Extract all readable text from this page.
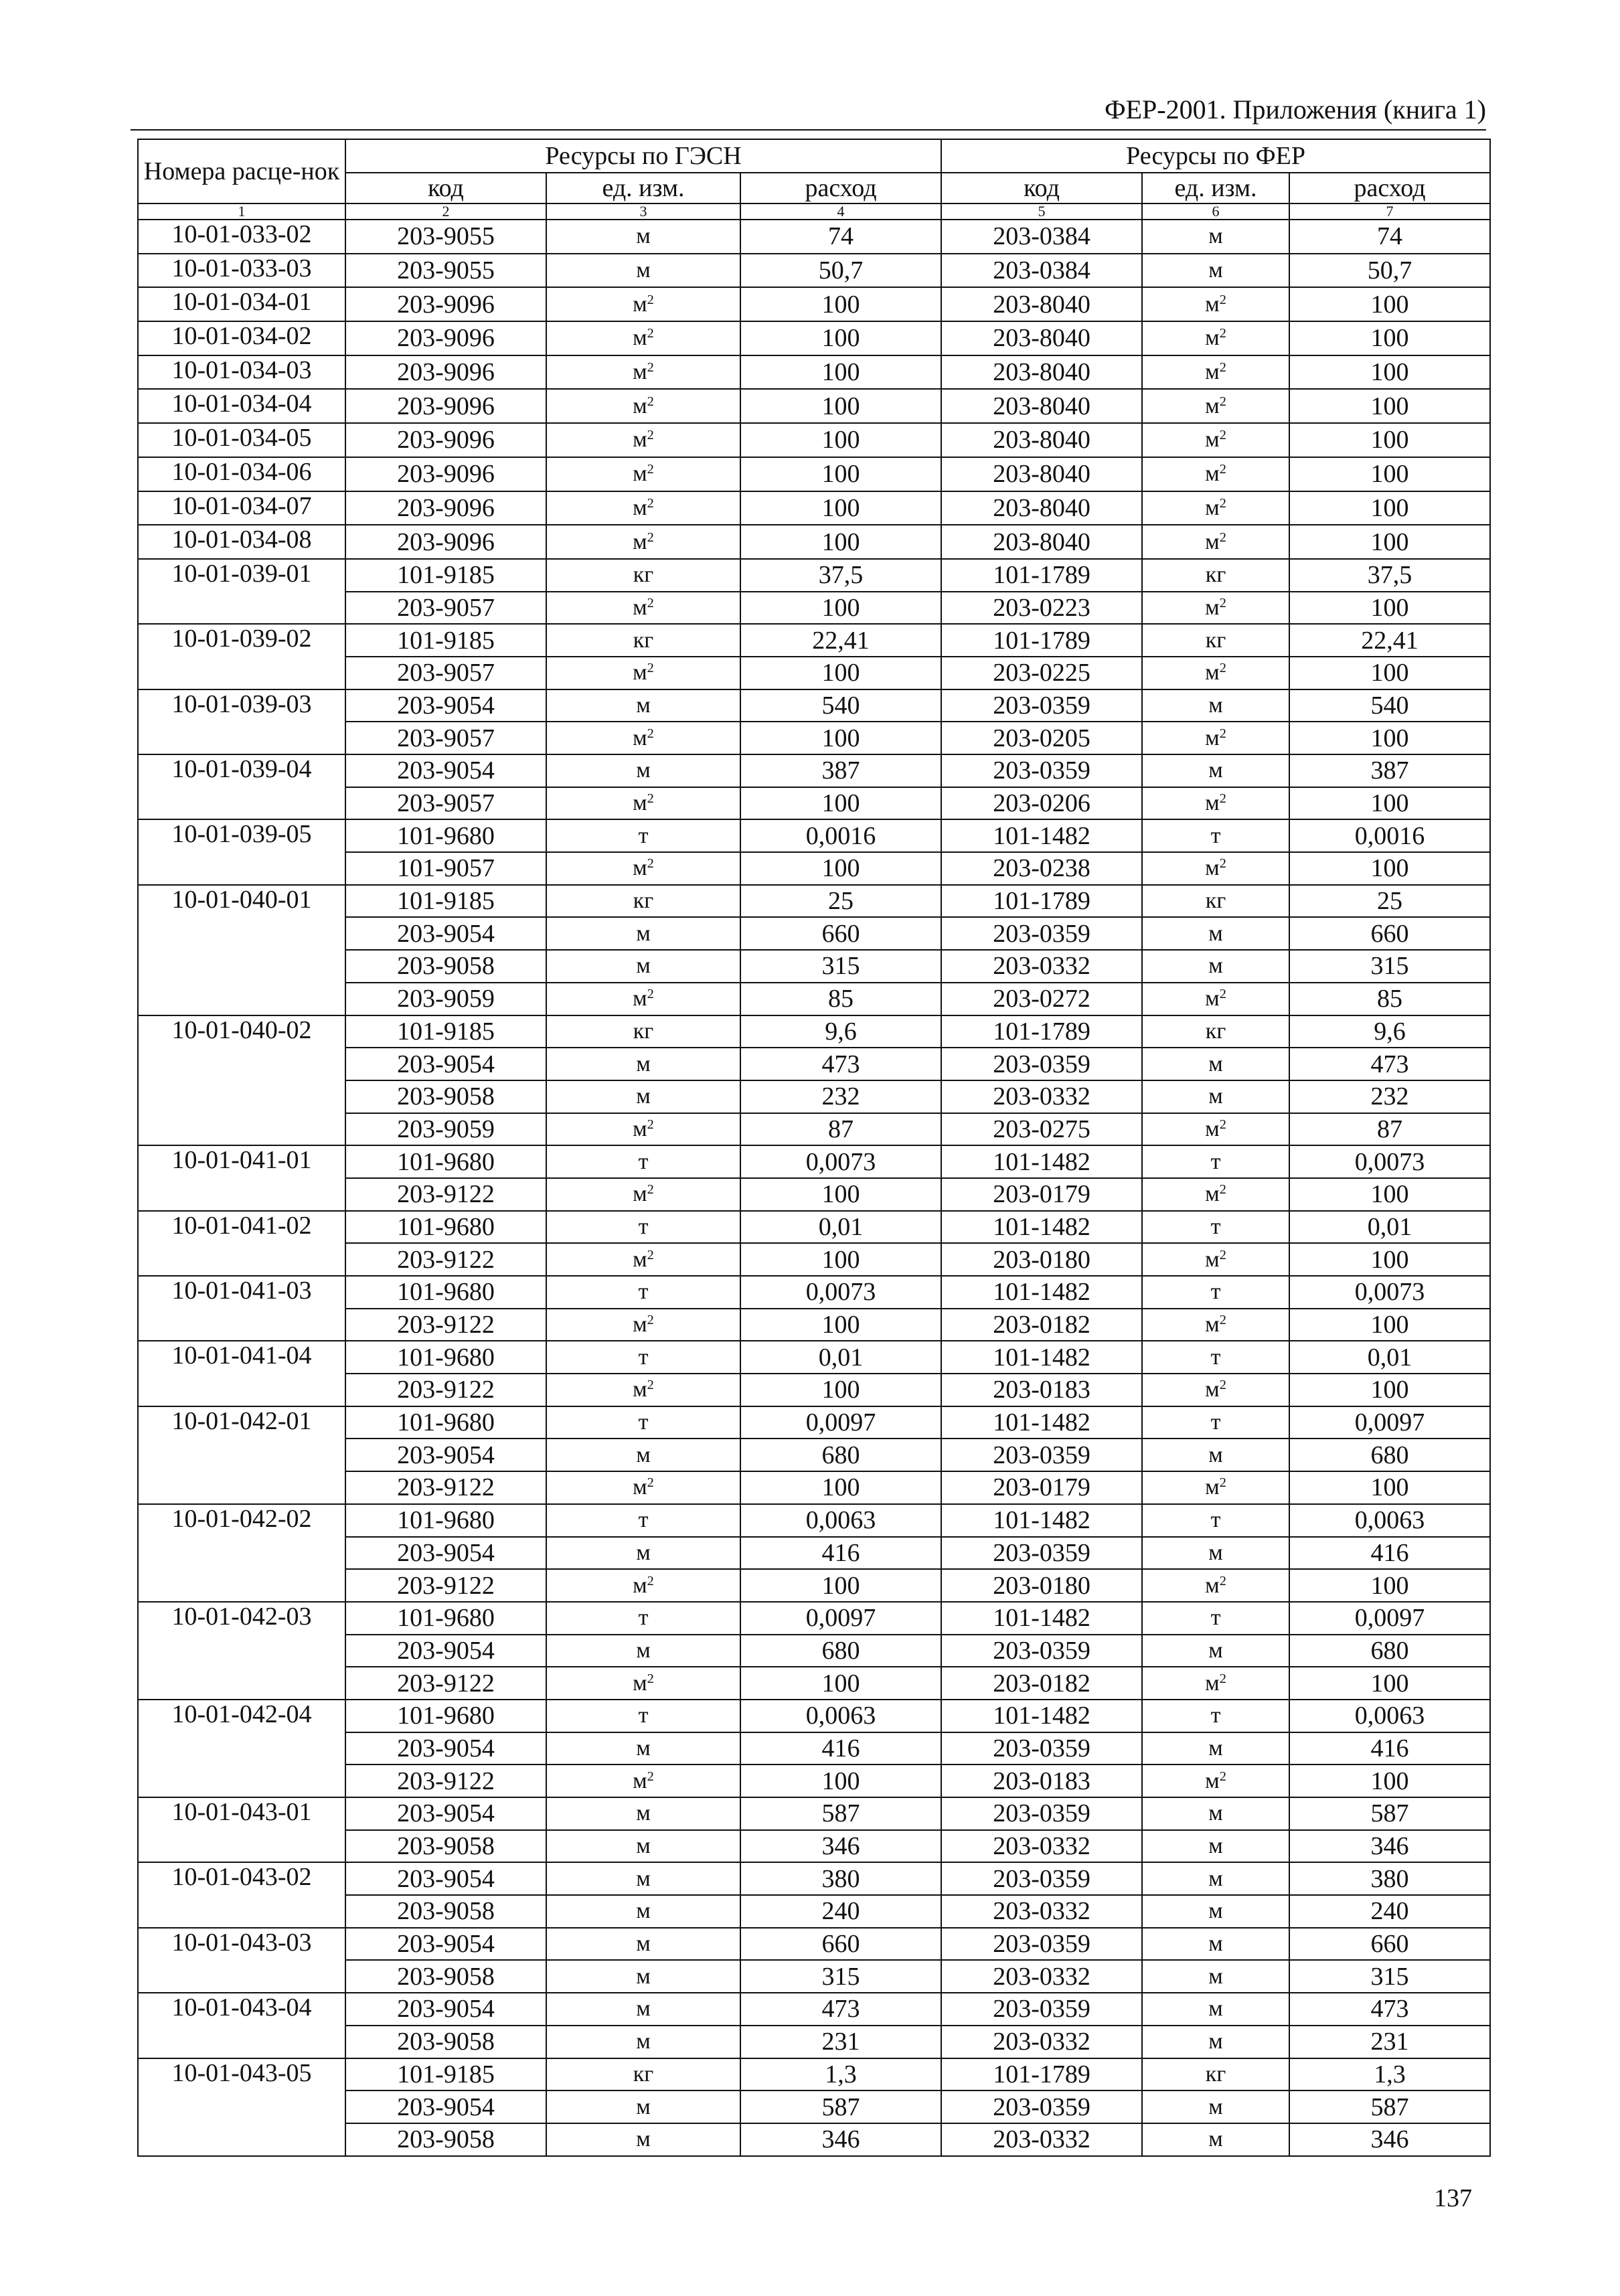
ФЕР-2001. Приложения (книга 1)
Номера расце-нок	Ресурсы по ГЭСН			Ресурсы по ФЕР		
	код	ед. изм.	расход	код	ед. изм.	расход
1	2	3	4	5	6	7
10-01-033-02	203-9055	м	74	203-0384	м	74
10-01-033-03	203-9055	м	50,7	203-0384	м	50,7
10-01-034-01	203-9096	$м^2$	100	203-8040	$м^2$	100
10-01-034-02	203-9096	$м^2$	100	203-8040	$м^2$	100
10-01-034-03	203-9096	$м^2$	100	203-8040	$м^2$	100
10-01-034-04	203-9096	$м^2$	100	203-8040	$м^2$	100
10-01-034-05	203-9096	$м^2$	100	203-8040	$м^2$	100
10-01-034-06	203-9096	$м^2$	100	203-8040	$м^2$	100
10-01-034-07	203-9096	$м^2$	100	203-8040	$м^2$	100
10-01-034-08	203-9096	$м^2$	100	203-8040	$м^2$	100
10-01-039-01	101-9185	кг	37,5	101-1789	кг	37,5
	203-9057	$м^2$	100	203-0223	$м^2$	100
10-01-039-02	101-9185	кг	22,41	101-1789	кг	22,41
	203-9057	$м^2$	100	203-0225	$м^2$	100
10-01-039-03	203-9054	м	540	203-0359	м	540
	203-9057	$м^2$	100	203-0205	$м^2$	100
10-01-039-04	203-9054	м	387	203-0359	м	387
	203-9057	$м^2$	100	203-0206	$м^2$	100
10-01-039-05	101-9680	т	0,0016	101-1482	т	0,0016
	101-9057	$м^2$	100	203-0238	$м^2$	100
10-01-040-01	101-9185	кг	25	101-1789	кг	25
	203-9054	м	660	203-0359	м	660
	203-9058	м	315	203-0332	м	315
	203-9059	$м^2$	85	203-0272	$м^2$	85
10-01-040-02	101-9185	кг	9,6	101-1789	кг	9,6
	203-9054	м	473	203-0359	м	473
	203-9058	м	232	203-0332	м	232
	203-9059	$м^2$	87	203-0275	$м^2$	87
10-01-041-01	101-9680	т	0,0073	101-1482	т	0,0073
	203-9122	$м^2$	100	203-0179	$м^2$	100
10-01-041-02	101-9680	т	0,01	101-1482	т	0,01
	203-9122	$м^2$	100	203-0180	$м^2$	100
10-01-041-03	101-9680	т	0,0073	101-1482	т	0,0073
	203-9122	$м^2$	100	203-0182	$м^2$	100
10-01-041-04	101-9680	т	0,01	101-1482	т	0,01
	203-9122	$м^2$	100	203-0183	$м^2$	100
10-01-042-01	101-9680	т	0,0097	101-1482	т	0,0097
	203-9054	м	680	203-0359	м	680
	203-9122	$м^2$	100	203-0179	$м^2$	100
10-01-042-02	101-9680	т	0,0063	101-1482	т	0,0063
	203-9054	м	416	203-0359	м	416
	203-9122	$м^2$	100	203-0180	$м^2$	100
10-01-042-03	101-9680	т	0,0097	101-1482	т	0,0097
	203-9054	м	680	203-0359	м	680
	203-9122	$м^2$	100	203-0182	$м^2$	100
10-01-042-04	101-9680	т	0,0063	101-1482	т	0,0063
	203-9054	м	416	203-0359	м	416
	203-9122	$м^2$	100	203-0183	$м^2$	100
10-01-043-01	203-9054	м	587	203-0359	м	587
	203-9058	м	346	203-0332	м	346
10-01-043-02	203-9054	м	380	203-0359	м	380
	203-9058	м	240	203-0332	м	240
10-01-043-03	203-9054	м	660	203-0359	м	660
	203-9058	м	315	203-0332	м	315
10-01-043-04	203-9054	м	473	203-0359	м	473
	203-9058	м	231	203-0332	м	231
10-01-043-05	101-9185	кг	1,3	101-1789	кг	1,3
	203-9054	м	587	203-0359	м	587
	203-9058	м	346	203-0332	м	346
137
